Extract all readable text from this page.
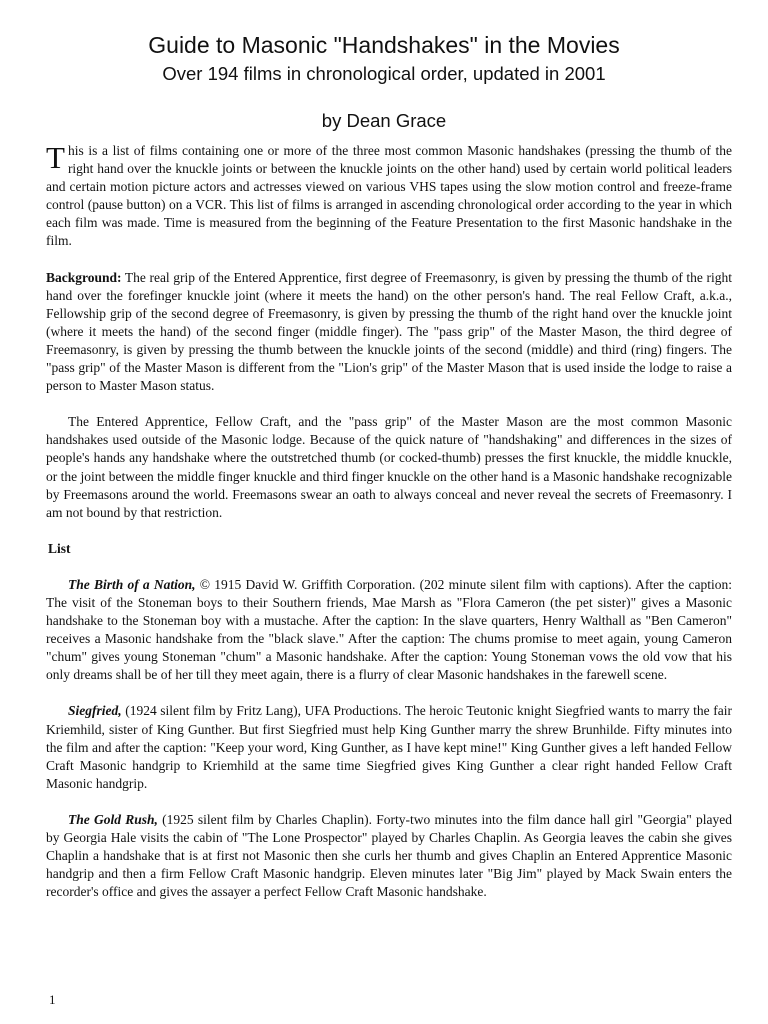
Guide to Masonic "Handshakes" in the Movies
Over 194 films in chronological order, updated in 2001
by Dean Grace

This is a list of films containing one or more of the three most common Masonic handshakes (pressing the thumb of the right hand over the knuckle joints or between the knuckle joints on the other hand) used by certain world political leaders and certain motion picture actors and actresses viewed on various VHS tapes using the slow motion control and freeze-frame control (pause button) on a VCR. This list of films is arranged in ascending chronological order according to the year in which each film was made. Time is measured from the beginning of the Feature Presentation to the first Masonic handshake in the film.

Background: The real grip of the Entered Apprentice, first degree of Freemasonry, is given by pressing the thumb of the right hand over the forefinger knuckle joint (where it meets the hand) on the other person's hand. The real Fellow Craft, a.k.a., Fellowship grip of the second degree of Freemasonry, is given by pressing the thumb of the right hand over the knuckle joint (where it meets the hand) of the second finger (middle finger). The "pass grip" of the Master Mason, the third degree of Freemasonry, is given by pressing the thumb between the knuckle joints of the second (middle) and third (ring) fingers. The "pass grip" of the Master Mason is different from the "Lion's grip" of the Master Mason that is used inside the lodge to raise a person to Master Mason status.

The Entered Apprentice, Fellow Craft, and the "pass grip" of the Master Mason are the most common Masonic handshakes used outside of the Masonic lodge. Because of the quick nature of "handshaking" and differences in the sizes of people's hands any handshake where the outstretched thumb (or cocked-thumb) presses the first knuckle, the middle knuckle, or the joint between the middle finger knuckle and third finger knuckle on the other hand is a Masonic handshake recognizable by Freemasons around the world. Freemasons swear an oath to always conceal and never reveal the secrets of Freemasonry. I am not bound by that restriction.

List

The Birth of a Nation, © 1915 David W. Griffith Corporation. (202 minute silent film with captions). After the caption: The visit of the Stoneman boys to their Southern friends, Mae Marsh as "Flora Cameron (the pet sister)" gives a Masonic handshake to the Stoneman boy with a mustache. After the caption: In the slave quarters, Henry Walthall as "Ben Cameron" receives a Masonic handshake from the "black slave." After the caption: The chums promise to meet again, young Cameron "chum" gives young Stoneman "chum" a Masonic handshake. After the caption: Young Stoneman vows the old vow that his only dreams shall be of her till they meet again, there is a flurry of clear Masonic handshakes in the farewell scene.

Siegfried, (1924 silent film by Fritz Lang), UFA Productions. The heroic Teutonic knight Siegfried wants to marry the fair Kriemhild, sister of King Gunther. But first Siegfried must help King Gunther marry the shrew Brunhilde. Fifty minutes into the film and after the caption: "Keep your word, King Gunther, as I have kept mine!" King Gunther gives a left handed Fellow Craft Masonic handgrip to Kriemhild at the same time Siegfried gives King Gunther a clear right handed Fellow Craft Masonic handgrip.

The Gold Rush, (1925 silent film by Charles Chaplin). Forty-two minutes into the film dance hall girl "Georgia" played by Georgia Hale visits the cabin of "The Lone Prospector" played by Charles Chaplin. As Georgia leaves the cabin she gives Chaplin a handshake that is at first not Masonic then she curls her thumb and gives Chaplin an Entered Apprentice Masonic handgrip and then a firm Fellow Craft Masonic handgrip. Eleven minutes later "Big Jim" played by Mack Swain enters the recorder's office and gives the assayer a perfect Fellow Craft Masonic handshake.

1
